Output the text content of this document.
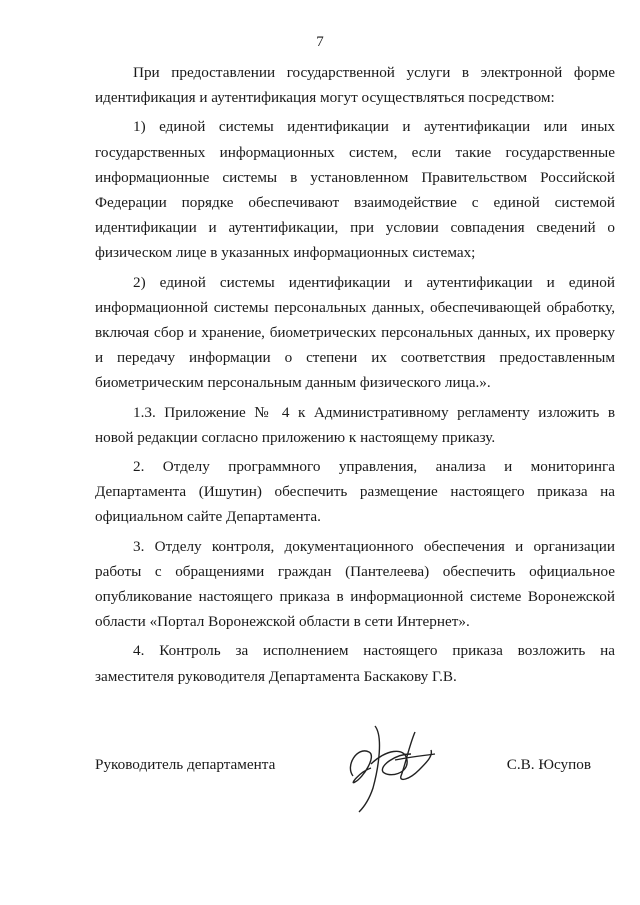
7

При предоставлении государственной услуги в электронной форме идентификация и аутентификация могут осуществляться посредством:

1) единой системы идентификации и аутентификации или иных государственных информационных систем, если такие государственные информационные системы в установленном Правительством Российской Федерации порядке обеспечивают взаимодействие с единой системой идентификации и аутентификации, при условии совпадения сведений о физическом лице в указанных информационных системах;

2) единой системы идентификации и аутентификации и единой информационной системы персональных данных, обеспечивающей обработку, включая сбор и хранение, биометрических персональных данных, их проверку и передачу информации о степени их соответствия предоставленным биометрическим персональным данным физического лица.».

1.3. Приложение № 4 к Административному регламенту изложить в новой редакции согласно приложению к настоящему приказу.

2. Отделу программного управления, анализа и мониторинга Департамента (Ишутин) обеспечить размещение настоящего приказа на официальном сайте Департамента.

3. Отделу контроля, документационного обеспечения и организации работы с обращениями граждан (Пантелеева) обеспечить официальное опубликование настоящего приказа в информационной системе Воронежской области «Портал Воронежской области в сети Интернет».

4. Контроль за исполнением настоящего приказа возложить на заместителя руководителя Департамента Баскакову Г.В.

Руководитель департамента	С.В. Юсупов
